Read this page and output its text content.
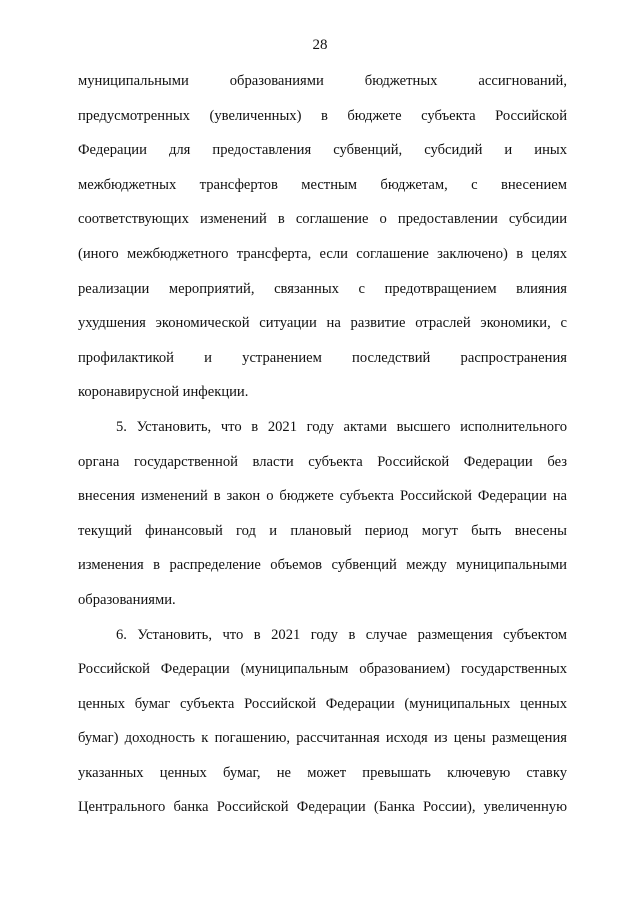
28
муниципальными образованиями бюджетных ассигнований,
предусмотренных (увеличенных) в бюджете субъекта Российской
Федерации для предоставления субвенций, субсидий и иных
межбюджетных трансфертов местным бюджетам, с внесением
соответствующих изменений в соглашение о предоставлении субсидии
(иного межбюджетного трансферта, если соглашение заключено) в целях
реализации мероприятий, связанных с предотвращением влияния
ухудшения экономической ситуации на развитие отраслей экономики, с
профилактикой и устранением последствий распространения
коронавирусной инфекции.
5. Установить, что в 2021 году актами высшего исполнительного
органа государственной власти субъекта Российской Федерации без
внесения изменений в закон о бюджете субъекта Российской Федерации на
текущий финансовый год и плановый период могут быть внесены
изменения в распределение объемов субвенций между муниципальными
образованиями.
6. Установить, что в 2021 году в случае размещения субъектом
Российской Федерации (муниципальным образованием) государственных
ценных бумаг субъекта Российской Федерации (муниципальных ценных
бумаг) доходность к погашению, рассчитанная исходя из цены размещения
указанных ценных бумаг, не может превышать ключевую ставку
Центрального банка Российской Федерации (Банка России), увеличенную
